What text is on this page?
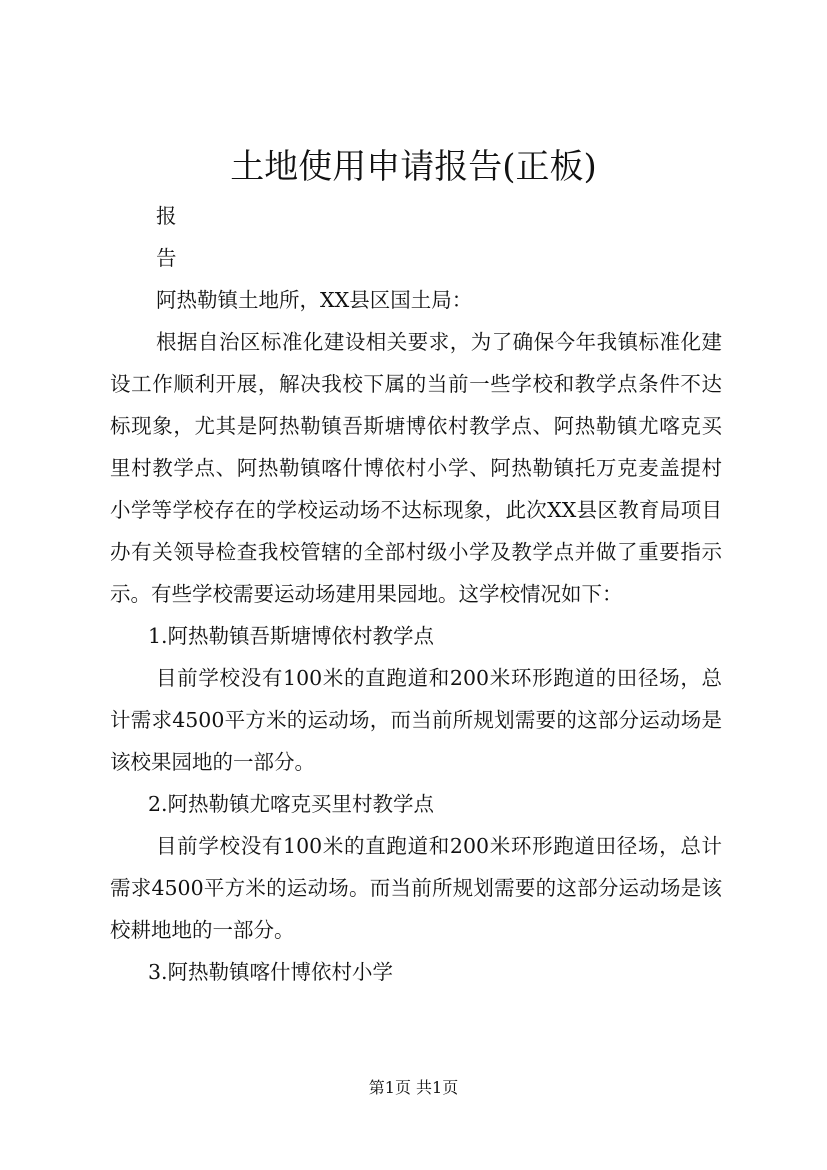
土地使用申请报告(正板)

报

告

阿热勒镇土地所，XX县区国土局：

根据自治区标准化建设相关要求，为了确保今年我镇标准化建设工作顺利开展，解决我校下属的当前一些学校和教学点条件不达标现象，尤其是阿热勒镇吾斯塘博依村教学点、阿热勒镇尤喀克买里村教学点、阿热勒镇喀什博依村小学、阿热勒镇托万克麦盖提村小学等学校存在的学校运动场不达标现象，此次XX县区教育局项目办有关领导检查我校管辖的全部村级小学及教学点并做了重要指示示。有些学校需要运动场建用果园地。这学校情况如下：

1.阿热勒镇吾斯塘博依村教学点

目前学校没有100米的直跑道和200米环形跑道的田径场，总计需求4500平方米的运动场，而当前所规划需要的这部分运动场是该校果园地的一部分。

2.阿热勒镇尤喀克买里村教学点

目前学校没有100米的直跑道和200米环形跑道田径场，总计需求4500平方米的运动场。而当前所规划需要的这部分运动场是该校耕地地的一部分。

3.阿热勒镇喀什博依村小学

第1页 共1页
